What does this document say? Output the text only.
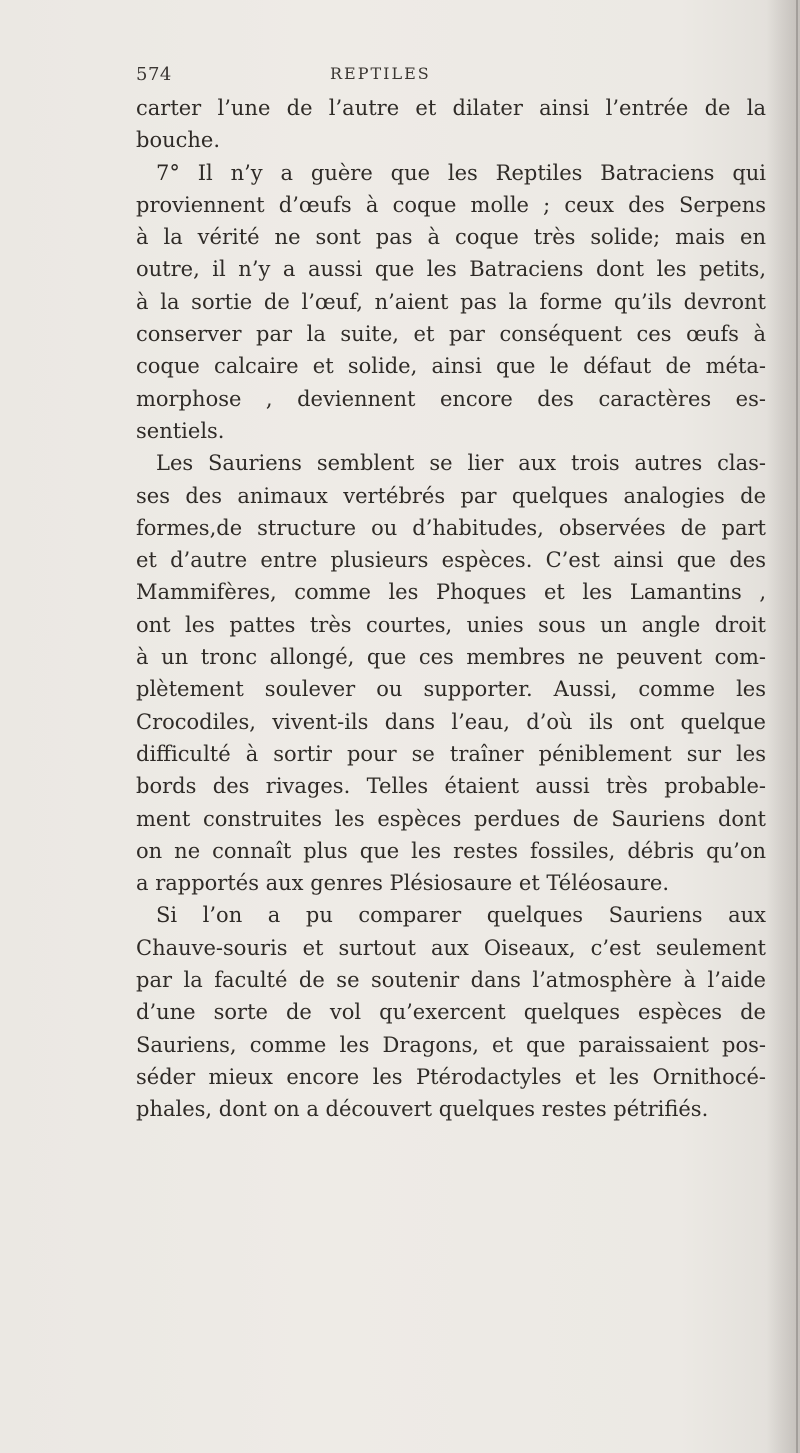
574	REPTILES
carter l’une de l’autre et dilater ainsi l’entrée de la
bouche.
7° Il n’y a guère que les Reptiles Batraciens qui
proviennent d’œufs à coque molle ; ceux des Serpens
à la vérité ne sont pas à coque très solide; mais en
outre, il n’y a aussi que les Batraciens dont les petits,
à la sortie de l’œuf, n’aient pas la forme qu’ils devront
conserver par la suite, et par conséquent ces œufs à
coque calcaire et solide, ainsi que le défaut de méta-
morphose , deviennent encore des caractères es-
sentiels.
Les Sauriens semblent se lier aux trois autres clas-
ses des animaux vertébrés par quelques analogies de
formes,de structure ou d’habitudes, observées de part
et d’autre entre plusieurs espèces. C’est ainsi que des
Mammifères, comme les Phoques et les Lamantins ,
ont les pattes très courtes, unies sous un angle droit
à un tronc allongé, que ces membres ne peuvent com-
plètement soulever ou supporter. Aussi, comme les
Crocodiles, vivent-ils dans l’eau, d’où ils ont quelque
difficulté à sortir pour se traîner péniblement sur les
bords des rivages. Telles étaient aussi très probable-
ment construites les espèces perdues de Sauriens dont
on ne connaît plus que les restes fossiles, débris qu’on
a rapportés aux genres Plésiosaure et Téléosaure.
Si l’on a pu comparer quelques Sauriens aux
Chauve-souris et surtout aux Oiseaux, c’est seulement
par la faculté de se soutenir dans l’atmosphère à l’aide
d’une sorte de vol qu’exercent quelques espèces de
Sauriens, comme les Dragons, et que paraissaient pos-
séder mieux encore les Ptérodactyles et les Ornithocé-
phales, dont on a découvert quelques restes pétrifiés.
